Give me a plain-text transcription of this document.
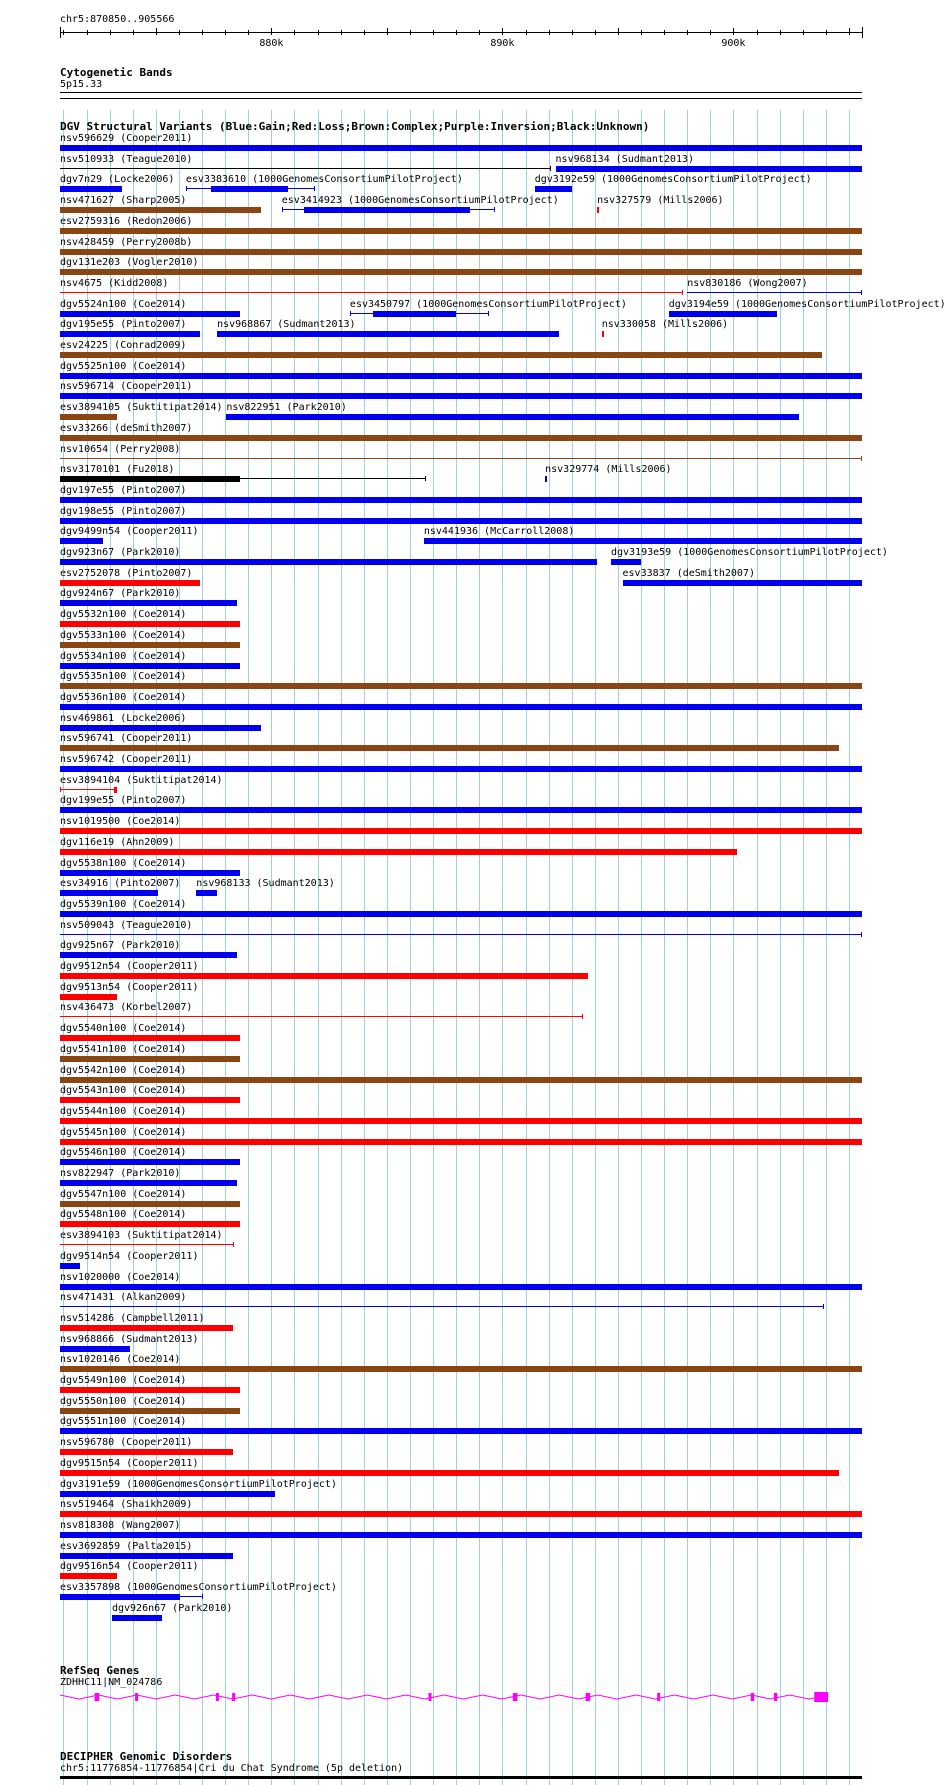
chr5:870850..905566
880k	890k	900k
Cytogenetic Bands
5p15.33
DGV Structural Variants (Blue:Gain;Red:Loss;Brown:Complex;Purple:Inversion;Black:Unknown)
nsv596629 (Cooper2011)
nsv510933 (Teague2010)	nsv968134 (Sudmant2013)
dgv7n29 (Locke2006) esv3383610 (1000GenomesConsortiumPilotProject)	dgv3192e59 (1000GenomesConsortiumPilotProject)
nsv471627 (Sharp2005)	esv3414923 (1000GenomesConsortiumPilotProject)	nsv327579 (Mills2006)
esv2759316 (Redon2006)
nsv428459 (Perry2008b)
dgv131e203 (Vogler2010)
nsv4675 (Kidd2008)	nsv830186 (Wong2007)
dgv5524n100 (Coe2014)	esv3450797 (1000GenomesConsortiumPilotProject)	dgv3194e59 (1000GenomesConsortiumPilotProject)
dgv195e55 (Pinto2007)	nsv968867 (Sudmant2013)	nsv330058 (Mills2006)
esv24225 (Conrad2009)
dgv5525n100 (Coe2014)
nsv596714 (Cooper2011)
esv3894105 (Suktitipat2014) nsv822951 (Park2010)
esv33266 (deSmith2007)
nsv10654 (Perry2008)
nsv3170101 (Fu2018)	nsv329774 (Mills2006)
dgv197e55 (Pinto2007)
dgv198e55 (Pinto2007)
dgv9499n54 (Cooper2011)	nsv441936 (McCarroll2008)
dgv923n67 (Park2010)	dgv3193e59 (1000GenomesConsortiumPilotProject)
esv2752078 (Pinto2007)	esv33837 (deSmith2007)
dgv924n67 (Park2010)
dgv5532n100 (Coe2014)
dgv5533n100 (Coe2014)
dgv5534n100 (Coe2014)
dgv5535n100 (Coe2014)
dgv5536n100 (Coe2014)
nsv469861 (Locke2006)
nsv596741 (Cooper2011)
nsv596742 (Cooper2011)
esv3894104 (Suktitipat2014)
dgv199e55 (Pinto2007)
nsv1019500 (Coe2014)
dgv116e19 (Ahn2009)
dgv5538n100 (Coe2014)
esv34916 (Pinto2007) nsv968133 (Sudmant2013)
dgv5539n100 (Coe2014)
nsv509043 (Teague2010)
dgv925n67 (Park2010)
dgv9512n54 (Cooper2011)
dgv9513n54 (Cooper2011)
nsv436473 (Korbel2007)
dgv5540n100 (Coe2014)
dgv5541n100 (Coe2014)
dgv5542n100 (Coe2014)
dgv5543n100 (Coe2014)
dgv5544n100 (Coe2014)
dgv5545n100 (Coe2014)
dgv5546n100 (Coe2014)
nsv822947 (Park2010)
dgv5547n100 (Coe2014)
dgv5548n100 (Coe2014)
esv3894103 (Suktitipat2014)
dgv9514n54 (Cooper2011)
nsv1020000 (Coe2014)
nsv471431 (Alkan2009)
nsv514286 (Campbell2011)
nsv968866 (Sudmant2013)
nsv1020146 (Coe2014)
dgv5549n100 (Coe2014)
dgv5550n100 (Coe2014)
dgv5551n100 (Coe2014)
nsv596780 (Cooper2011)
dgv9515n54 (Cooper2011)
dgv3191e59 (1000GenomesConsortiumPilotProject)
nsv519464 (Shaikh2009)
nsv818308 (Wang2007)
esv3692859 (Palta2015)
dgv9516n54 (Cooper2011)
esv3357898 (1000GenomesConsortiumPilotProject)
dgv926n67 (Park2010)
RefSeq Genes
ZDHHC11|NM_024786
DECIPHER Genomic Disorders
chr5:11776854-11776854|Cri du Chat Syndrome (5p deletion)
